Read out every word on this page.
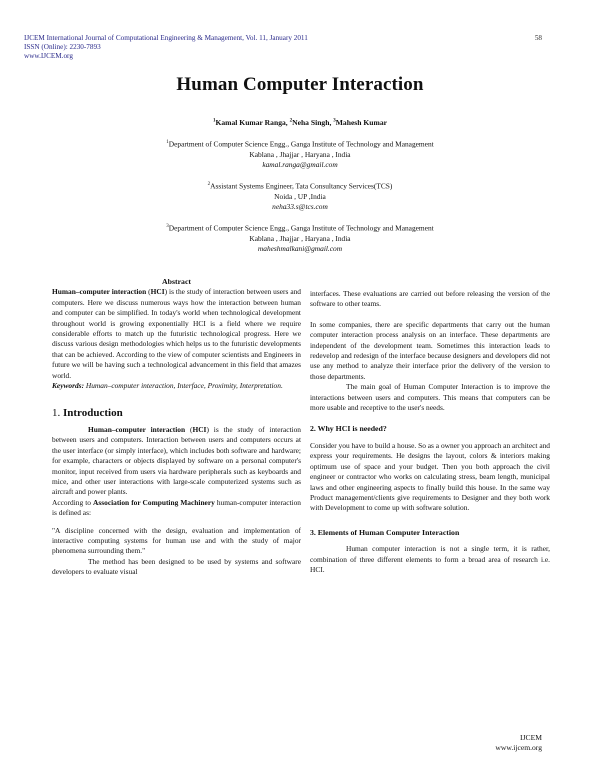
IJCEM International Journal of Computational Engineering & Management, Vol. 11, January 2011
ISSN (Online): 2230-7893
www.IJCEM.org
58
Human Computer Interaction
$^1$Kamal Kumar Ranga, $^2$Neha Singh, $^3$Mahesh Kumar
$^1$Department of Computer Science Engg., Ganga Institute of Technology and Management
Kablana , Jhajjar , Haryana , India
kamal.ranga@gmail.com
$^2$Assistant Systems Engineer, Tata Consultancy Services(TCS)
Noida , UP ,India
neha33.s@tcs.com
$^3$Department of Computer Science Engg., Ganga Institute of Technology and Management
Kablana , Jhajjar , Haryana , India
maheshmalkani@gmail.com
Abstract

Human–computer interaction (HCI) is the study of interaction between users and computers. Here we discuss numerous ways how the interaction between human and computer can be simplified. In today's world when technological development throughout world is growing exponentially HCI is a field where we require considerable efforts to match up the futuristic technological progress. Here we discuss various design methodologies which helps us to the futuristic developments that can be achieved. According to the view of computer scientists and Engineers in future we will be having such a technological advancement in this field that amazes world.

Keywords: Human–computer interaction, Interface, Proximity, Interpretation.

1. Introduction

Human–computer interaction (HCI) is the study of interaction between users and computers. Interaction between users and computers occurs at the user interface (or simply interface), which includes both software and hardware; for example, characters or objects displayed by software on a personal computer's monitor, input received from users via hardware peripherals such as keyboards and mice, and other user interactions with large-scale computerized systems such as aircraft and power plants.

According to Association for Computing Machinery human-computer interaction is defined as:

"A discipline concerned with the design, evaluation and implementation of interactive computing systems for human use and with the study of major phenomena surrounding them."

The method has been designed to be used by systems and software developers to evaluate visual

interfaces. These evaluations are carried out before releasing the version of the software to other teams.

In some companies, there are specific departments that carry out the human computer interaction process analysis on an interface. These departments are independent of the development team. Sometimes this interaction leads to redevelop and redesign of the interface because designers and developers did not use any method to analyze their interface prior the delivery of the version to those departments.

The main goal of Human Computer Interaction is to improve the interactions between users and computers. This means that computers can be more usable and receptive to the user's needs.

2. Why HCI is needed?

Consider you have to build a house. So as a owner you approach an architect and express your requirements. He designs the layout, colors & interiors making optimum use of space and your budget. Then you both approach the civil engineer or contractor who works on calculating stress, beam length, municipal laws and other engineering aspects to finally build this house. In the same way Product management/clients give requirements to Designer and they both work with Development to come up with software solution.

3. Elements of Human Computer Interaction

Human computer interaction is not a single term, it is rather, combination of three different elements to form a broad area of research i.e. HCI.

IJCEM
www.ijcem.org
